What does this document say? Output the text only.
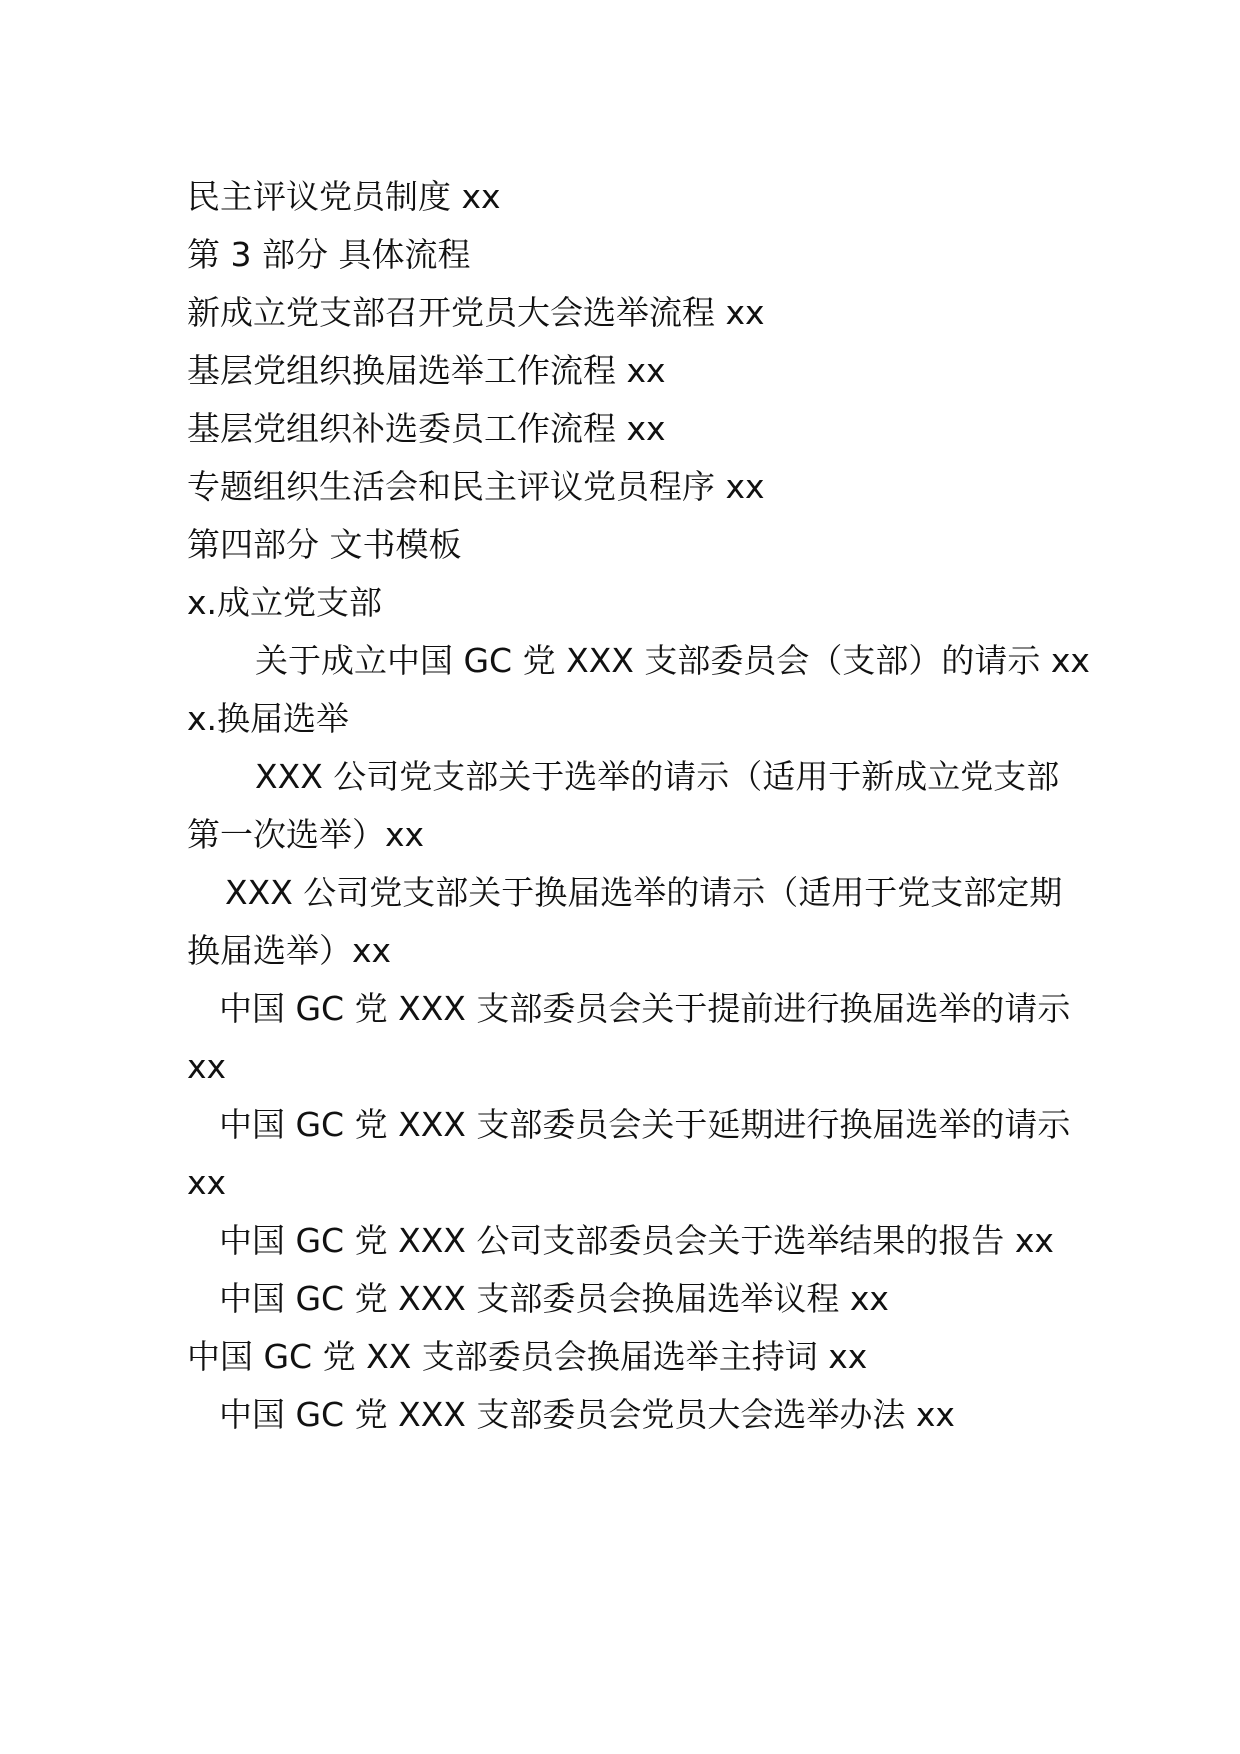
民主评议党员制度 xx
第 3 部分 具体流程
新成立党支部召开党员大会选举流程 xx
基层党组织换届选举工作流程 xx
基层党组织补选委员工作流程 xx
专题组织生活会和民主评议党员程序 xx
第四部分 文书模板
x.成立党支部
关于成立中国 GC 党 XXX 支部委员会（支部）的请示 xx
x.换届选举
XXX 公司党支部关于选举的请示（适用于新成立党支部
第一次选举）xx
XXX 公司党支部关于换届选举的请示（适用于党支部定期
换届选举）xx
中国 GC 党 XXX 支部委员会关于提前进行换届选举的请示
xx
中国 GC 党 XXX 支部委员会关于延期进行换届选举的请示
xx
中国 GC 党 XXX 公司支部委员会关于选举结果的报告 xx
中国 GC 党 XXX 支部委员会换届选举议程 xx
中国 GC 党 XX 支部委员会换届选举主持词 xx
中国 GC 党 XXX 支部委员会党员大会选举办法 xx
